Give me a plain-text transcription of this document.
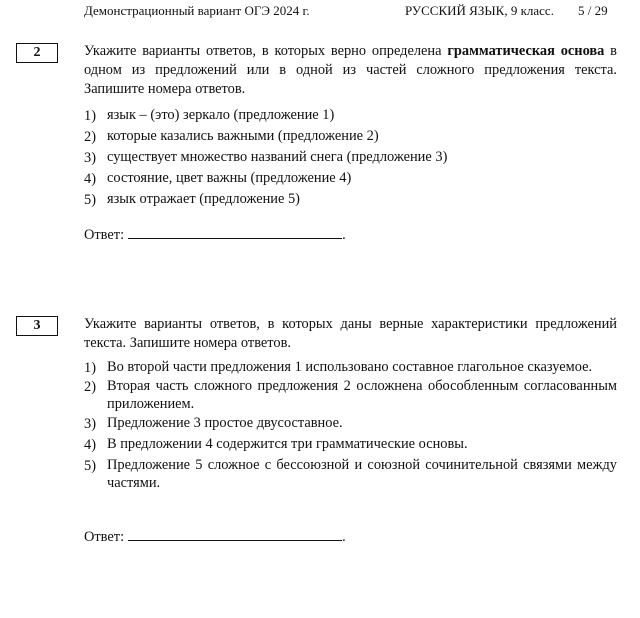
Демонстрационный вариант ОГЭ 2024 г.	РУССКИЙ ЯЗЫК, 9 класс. 5 / 29
2	Укажите варианты ответов, в которых верно определена грамматическая основа в одном из предложений или в одной из частей сложного предложения текста. Запишите номера ответов.
1) язык – (это) зеркало (предложение 1)
2) которые казались важными (предложение 2)
3) существует множество названий снега (предложение 3)
4) состояние, цвет важны (предложение 4)
5) язык отражает (предложение 5)
Ответ:	.
3	Укажите варианты ответов, в которых даны верные характеристики предложений текста. Запишите номера ответов.
1) Во второй части предложения 1 использовано составное глагольное сказуемое.
2) Вторая часть сложного предложения 2 осложнена обособленным согласованным приложением.
3) Предложение 3 простое двусоставное.
4) В предложении 4 содержится три грамматические основы.
5) Предложение 5 сложное с бессоюзной и союзной сочинительной связями между частями.
Ответ:	.
